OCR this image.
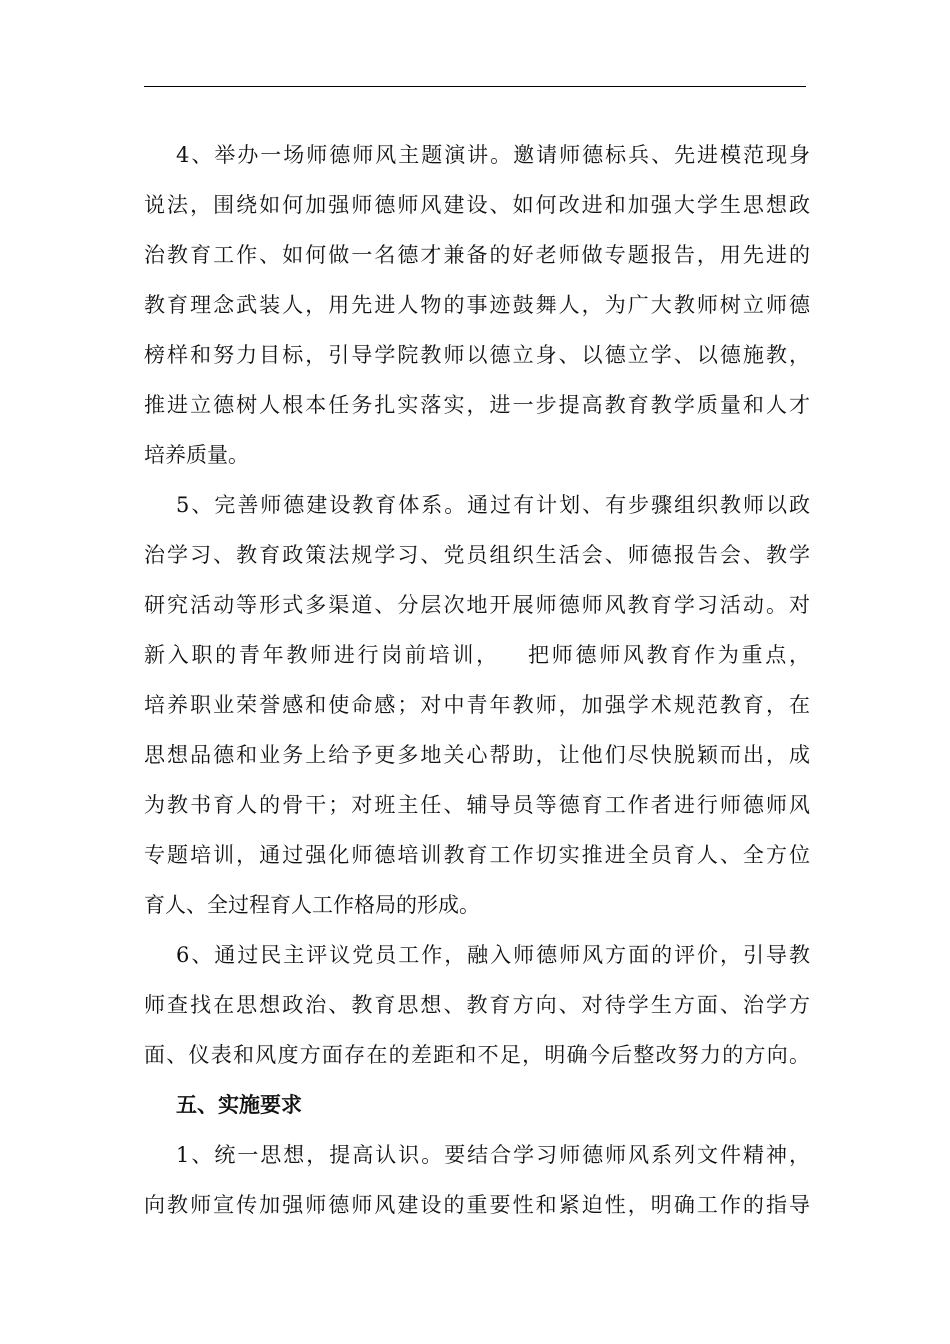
4、举办一场师德师风主题演讲。邀请师德标兵、先进模范现身
说法，围绕如何加强师德师风建设、如何改进和加强大学生思想政
治教育工作、如何做一名德才兼备的好老师做专题报告，用先进的
教育理念武装人，用先进人物的事迹鼓舞人，为广大教师树立师德
榜样和努力目标，引导学院教师以德立身、以德立学、以德施教，
推进立德树人根本任务扎实落实，进一步提高教育教学质量和人才
培养质量。
5、完善师德建设教育体系。通过有计划、有步骤组织教师以政
治学习、教育政策法规学习、党员组织生活会、师德报告会、教学
研究活动等形式多渠道、分层次地开展师德师风教育学习活动。对
新入职的青年教师进行岗前培训，   把师德师风教育作为重点，
培养职业荣誉感和使命感；对中青年教师，加强学术规范教育，在
思想品德和业务上给予更多地关心帮助，让他们尽快脱颖而出，成
为教书育人的骨干；对班主任、辅导员等德育工作者进行师德师风
专题培训，通过强化师德培训教育工作切实推进全员育人、全方位
育人、全过程育人工作格局的形成。
6、通过民主评议党员工作，融入师德师风方面的评价，引导教
师查找在思想政治、教育思想、教育方向、对待学生方面、治学方
面、仪表和风度方面存在的差距和不足，明确今后整改努力的方向。
五、实施要求
1、统一思想，提高认识。要结合学习师德师风系列文件精神，
向教师宣传加强师德师风建设的重要性和紧迫性，明确工作的指导
